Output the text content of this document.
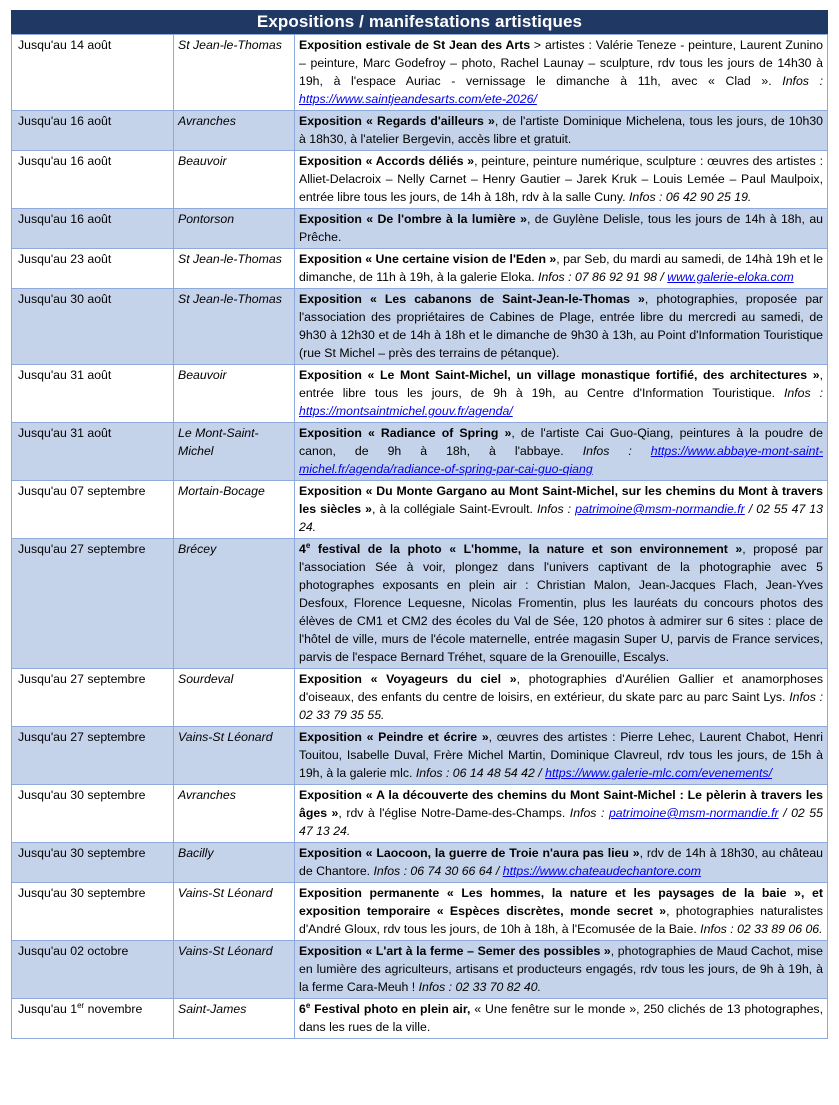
Expositions / manifestations artistiques
Jusqu'au 14 août	St Jean-le-Thomas	Exposition estivale de St Jean des Arts > artistes : Valérie Teneze - peinture, Laurent Zunino – peinture, Marc Godefroy – photo, Rachel Launay – sculpture, rdv tous les jours de 14h30 à 19h, à l'espace Auriac - vernissage le dimanche à 11h, avec « Clad ». Infos : https://www.saintjeandesarts.com/ete-2026/
Jusqu'au 16 août	Avranches	Exposition « Regards d'ailleurs », de l'artiste Dominique Michelena, tous les jours, de 10h30 à 18h30, à l'atelier Bergevin, accès libre et gratuit.
Jusqu'au 16 août	Beauvoir	Exposition « Accords déliés », peinture, peinture numérique, sculpture : œuvres des artistes : Alliet-Delacroix – Nelly Carnet – Henry Gautier – Jarek Kruk – Louis Lemée – Paul Maulpoix, entrée libre tous les jours, de 14h à 18h, rdv à la salle Cuny. Infos : 06 42 90 25 19.
Jusqu'au 16 août	Pontorson	Exposition « De l'ombre à la lumière », de Guylène Delisle, tous les jours de 14h à 18h, au Prêche.
Jusqu'au 23 août	St Jean-le-Thomas	Exposition « Une certaine vision de l'Eden », par Seb, du mardi au samedi, de 14hà 19h et le dimanche, de 11h à 19h, à la galerie Eloka. Infos : 07 86 92 91 98 / www.galerie-eloka.com
Jusqu'au 30 août	St Jean-le-Thomas	Exposition « Les cabanons de Saint-Jean-le-Thomas », photographies, proposée par l'association des propriétaires de Cabines de Plage, entrée libre du mercredi au samedi, de 9h30 à 12h30 et de 14h à 18h et le dimanche de 9h30 à 13h, au Point d'Information Touristique (rue St Michel – près des terrains de pétanque).
Jusqu'au 31 août	Beauvoir	Exposition « Le Mont Saint-Michel, un village monastique fortifié, des architectures », entrée libre tous les jours, de 9h à 19h, au Centre d'Information Touristique. Infos : https://montsaintmichel.gouv.fr/agenda/
Jusqu'au 31 août	Le Mont-Saint-Michel	Exposition « Radiance of Spring », de l'artiste Cai Guo-Qiang, peintures à la poudre de canon, de 9h à 18h, à l'abbaye. Infos : https://www.abbaye-mont-saint-michel.fr/agenda/radiance-of-spring-par-cai-guo-qiang
Jusqu'au 07 septembre	Mortain-Bocage	Exposition « Du Monte Gargano au Mont Saint-Michel, sur les chemins du Mont à travers les siècles », à la collégiale Saint-Evroult. Infos : patrimoine@msm-normandie.fr / 02 55 47 13 24.
Jusqu'au 27 septembre	Brécey	4e festival de la photo « L'homme, la nature et son environnement », proposé par l'association Sée à voir, plongez dans l'univers captivant de la photographie avec 5 photographes exposants en plein air : Christian Malon, Jean-Jacques Flach, Jean-Yves Desfoux, Florence Lequesne, Nicolas Fromentin, plus les lauréats du concours photos des élèves de CM1 et CM2 des écoles du Val de Sée, 120 photos à admirer sur 6 sites : place de l'hôtel de ville, murs de l'école maternelle, entrée magasin Super U, parvis de France services, parvis de l'espace Bernard Tréhet, square de la Grenouille, Escalys.
Jusqu'au 27 septembre	Sourdeval	Exposition « Voyageurs du ciel », photographies d'Aurélien Gallier et anamorphoses d'oiseaux, des enfants du centre de loisirs, en extérieur, du skate parc au parc Saint Lys. Infos : 02 33 79 35 55.
Jusqu'au 27 septembre	Vains-St Léonard	Exposition « Peindre et écrire », œuvres des artistes : Pierre Lehec, Laurent Chabot, Henri Touitou, Isabelle Duval, Frère Michel Martin, Dominique Clavreul, rdv tous les jours, de 15h à 19h, à la galerie mlc. Infos : 06 14 48 54 42 / https://www.galerie-mlc.com/evenements/
Jusqu'au 30 septembre	Avranches	Exposition « A la découverte des chemins du Mont Saint-Michel : Le pèlerin à travers les âges », rdv à l'église Notre-Dame-des-Champs. Infos : patrimoine@msm-normandie.fr / 02 55 47 13 24.
Jusqu'au 30 septembre	Bacilly	Exposition « Laocoon, la guerre de Troie n'aura pas lieu », rdv de 14h à 18h30, au château de Chantore. Infos : 06 74 30 66 64 / https://www.chateaudechantore.com
Jusqu'au 30 septembre	Vains-St Léonard	Exposition permanente « Les hommes, la nature et les paysages de la baie », et exposition temporaire « Espèces discrètes, monde secret », photographies naturalistes d'André Gloux, rdv tous les jours, de 10h à 18h, à l'Ecomusée de la Baie. Infos : 02 33 89 06 06.
Jusqu'au 02 octobre	Vains-St Léonard	Exposition « L'art à la ferme – Semer des possibles », photographies de Maud Cachot, mise en lumière des agriculteurs, artisans et producteurs engagés, rdv tous les jours, de 9h à 19h, à la ferme Cara-Meuh ! Infos : 02 33 70 82 40.
Jusqu'au 1er novembre	Saint-James	6e Festival photo en plein air, « Une fenêtre sur le monde », 250 clichés de 13 photographes, dans les rues de la ville.
